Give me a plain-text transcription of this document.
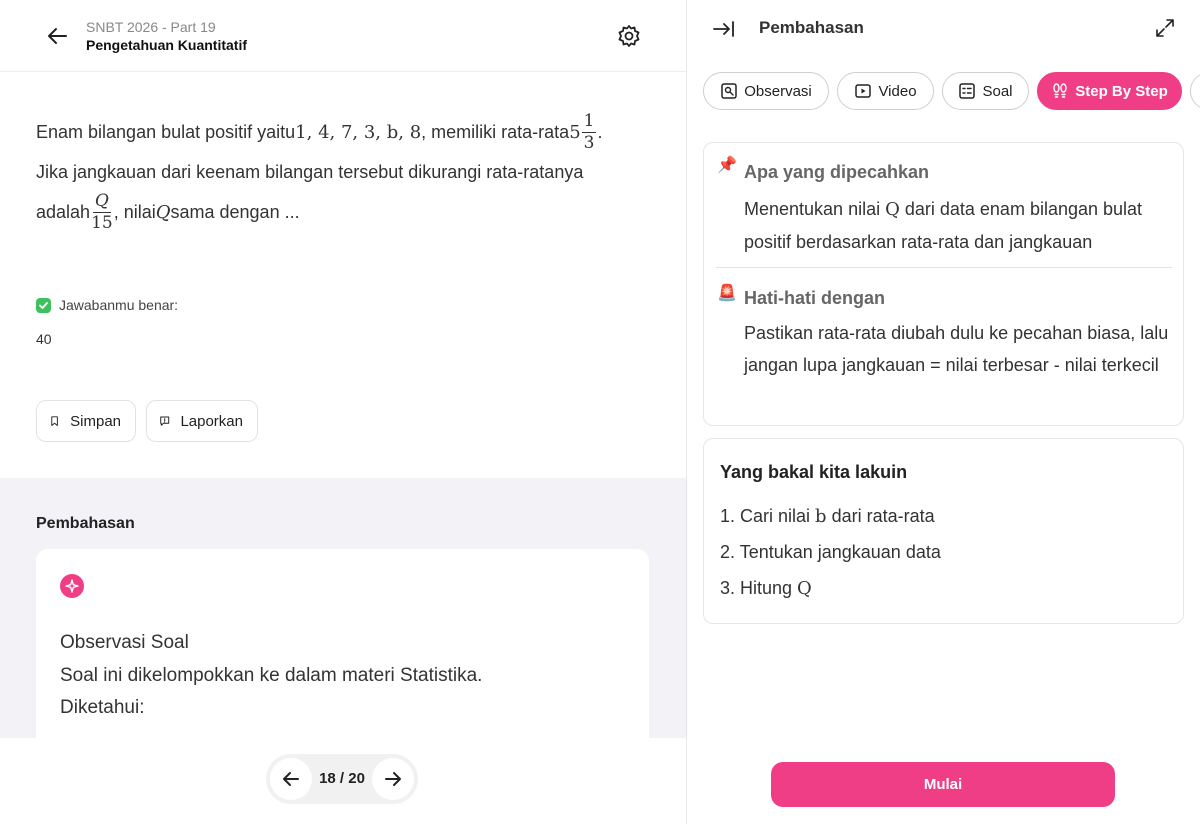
SNBT 2026 - Part 19
Pengetahuan Kuantitatif
Enam bilangan bulat positif yaitu 1, 4, 7, 3, b, 8 , memiliki rata-rata $5 \frac{1}{3}$ .
Jika jangkauan dari keenam bilangan tersebut dikurangi rata-ratanya
adalah $\frac{Q}{15}$ , nilai Q sama dengan ...
Jawabanmu benar:
40
Simpan	Laporkan
Pembahasan
Observasi Soal
Soal ini dikelompokkan ke dalam materi Statistika.
Diketahui:
18 / 20
Pembahasan
Observasi	Video	Soal	Step By Step
📌 Apa yang dipecahkan
Menentukan nilai Q dari data enam bilangan bulat positif berdasarkan rata-rata dan jangkauan
🚨 Hati-hati dengan
Pastikan rata-rata diubah dulu ke pecahan biasa, lalu jangan lupa jangkauan = nilai terbesar - nilai terkecil
Yang bakal kita lakuin
1. Cari nilai b dari rata-rata
2. Tentukan jangkauan data
3. Hitung Q
Mulai
